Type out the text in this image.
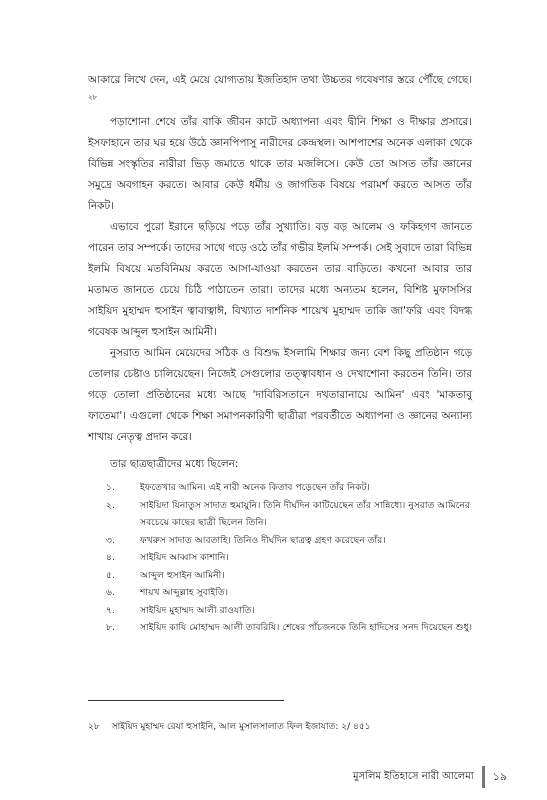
আকারে লিখে দেন, এই মেয়ে যোগ্যতায় ইজতিহাদ তথা উচ্চতর গবেষণার স্তরে পৌঁছে গেছে।$^{২৮}$

পড়াশোনা শেষে তাঁর বাকি জীবন কাটে অধ্যাপনা এবং দ্বীনি শিক্ষা ও দীক্ষার প্রসারে। ইসফাহানে তার ঘর হয়ে উঠে জ্ঞানপিপাসু নারীদের কেন্দ্রস্থল। আশপাশের অনেক এলাকা থেকে বিভিন্ন সংস্কৃতির নারীরা ভিড় জমাতে থাকে তার মজলিসে। কেউ তো আসত তাঁর জ্ঞানের সমুদ্রে অবগাহন করতে। আবার কেউ ধর্মীয় ও জাগতিক বিষয়ে পরামর্শ করতে আসত তাঁর নিকট।

এভাবে পুরো ইরানে ছড়িয়ে পড়ে তাঁর সুখ্যাতি। বড় বড় আলেম ও ফকিহগণ জানতে পারেন তার সম্পর্কে। তাদের সাথে গড়ে ওঠে তাঁর গভীর ইলমি সম্পর্ক। সেই সুবাদে তারা বিভিন্ন ইলমি বিষয়ে মতবিনিময় করতে আসা-যাওয়া করতেন তার বাড়িতে। কখনো আবার তার মতামত জানতে চেয়ে চিঠি পাঠাতেন তারা। তাদের মধ্যে অন্যতম হলেন, বিশিষ্ট মুফাসসির সাইয়িদ মুহাম্মদ হুসাইন ত্বাবাত্বাঈ, বিখ্যাত দার্শনিক শায়েখ মুহাম্মদ তাকি জা'ফরি এবং বিদগ্ধ গবেষক আব্দুল হুসাইন আমিনী।

নুসরাত আমিন মেয়েদের সঠিক ও বিশুদ্ধ ইসলামি শিক্ষার জন্য বেশ কিছু প্রতিষ্ঠান গড়ে তোলার চেষ্টাও চালিয়েছেন। নিজেই সেগুলোর তত্ত্বাবধান ও দেখাশোনা করতেন তিনি। তার গড়ে তোলা প্রতিষ্ঠানের মধ্যে আছে 'দাবিরিসতানে দখতারানায়ে আমিন' এবং 'মাকতাবু ফাতেমা'। এগুলো থেকে শিক্ষা সমাপনকারিণী ছাত্রীরা পরবর্তীতে অধ্যাপনা ও জ্ঞানের অন্যান্য শাখায় নেতৃত্ব প্রদান করে।

তার ছাত্রছাত্রীদের মধ্যে ছিলেন:

১.	ইফতেখার আমিন। এই নারী অনেক কিতাব পড়েছেন তাঁর নিকট।
২.	সাইয়িদা যিনাতুস সাদাত হুমায়ুনি। তিনি দীর্ঘদিন কাটিয়েছেন তাঁর সান্নিধ্যে। নুসরাত আমিনের সবচেয়ে কাছের ছাত্রী ছিলেন তিনি।
৩.	ফখরুস সাদাত আবতাহি। তিনিও দীর্ঘদিন ছাত্রত্ব গ্রহণ করেছেন তাঁর।
৪.	সাইয়িদ আব্বাস কাশানি।
৫.	আব্দুল হুসাইন আমিনী।
৬.	শায়খ আব্দুল্লাহ সুবাইতি।
৭.	সাইয়িদ মুহাম্মদ আলী রাওযাতি।
৮.	সাইয়িদ কাযি মোহাম্মদ আলী তাবরিযি। শেষের পাঁচজনকে তিনি হাদিসের সনদ দিয়েছেন শুধু।
২৮ সাইয়িদ মুহাম্মদ রেযা হুসাইনি, আল মুসালসালাত ফিল ইজাযাত: ২/ ৪৫১
মুসলিম ইতিহাসে নারী আলেমা ১৯
